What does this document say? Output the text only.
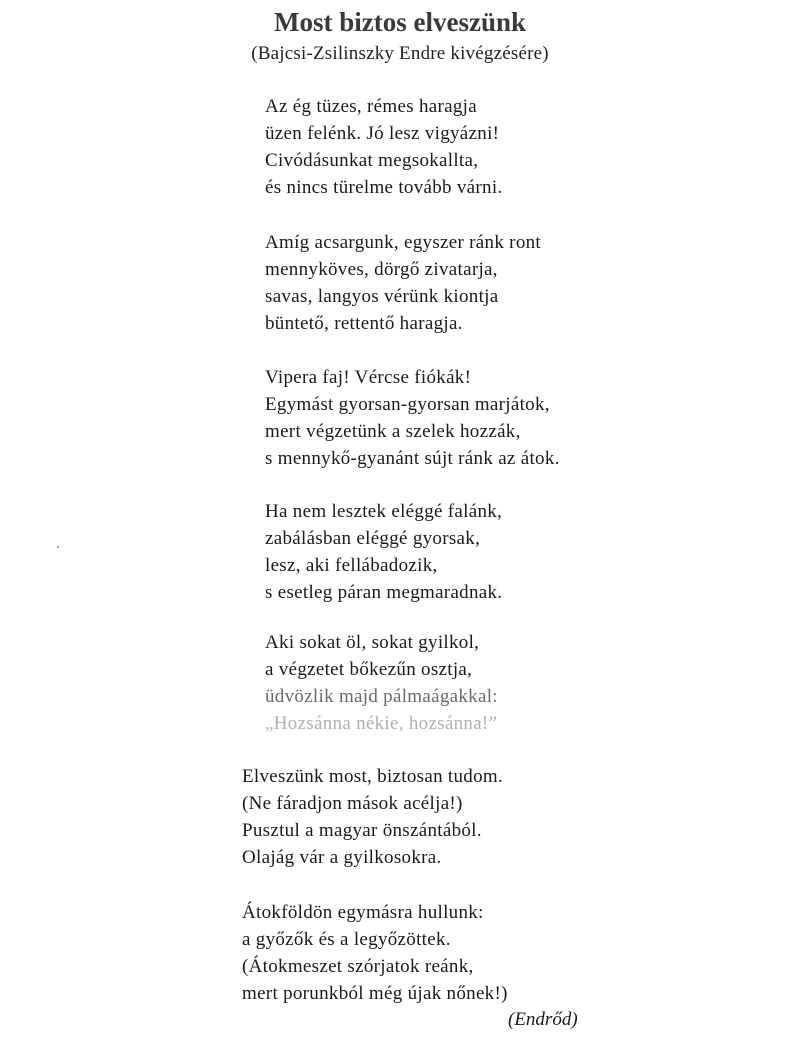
Most biztos elveszünk
(Bajcsi-Zsilinszky Endre kivégzésére)
Az ég tüzes, rémes haragja
üzen felénk. Jó lesz vigyázni!
Civódásunkat megsokallta,
és nincs türelme tovább várni.
Amíg acsargunk, egyszer ránk ront
mennyköves, dörgő zivatarja,
savas, langyos vérünk kiontja
büntető, rettentő haragja.
Vipera faj! Vércse fiókák!
Egymást gyorsan-gyorsan marjátok,
mert végzetünk a szelek hozzák,
s mennykő-gyanánt sújt ránk az átok.
Ha nem lesztek eléggé falánk,
zabálásban eléggé gyorsak,
lesz, aki fellábadozik,
s esetleg páran megmaradnak.
Aki sokat öl, sokat gyilkol,
a végzetet bőkezűn osztja,
üdvözlik majd pálmaágakkal:
„Hozsánna nékie, hozsánna!”
Elveszünk most, biztosan tudom.
(Ne fáradjon mások acélja!)
Pusztul a magyar önszántából.
Olajág vár a gyilkosokra.
Átokföldön egymásra hullunk:
a győzők és a legyőzöttek.
(Átokmeszet szórjatok reánk,
mert porunkból még újak nőnek!)
(Endrőd)
